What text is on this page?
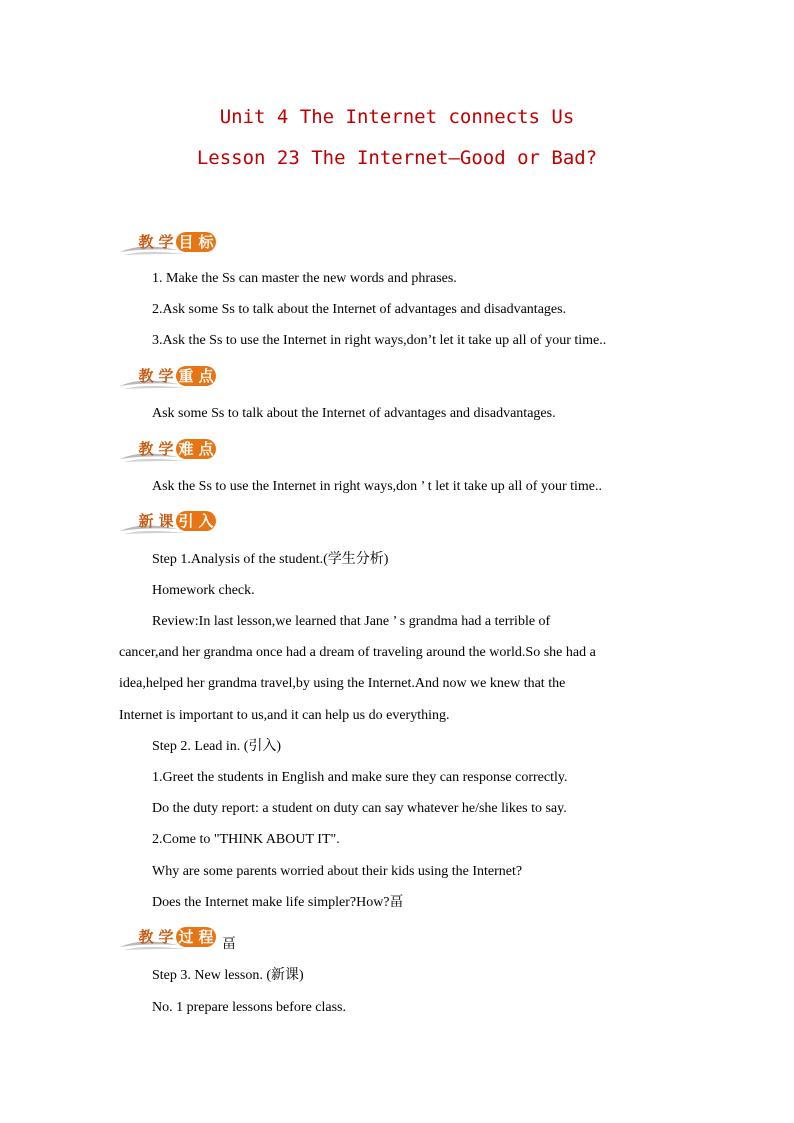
Unit 4 The Internet connects Us
Lesson 23 The Internet—Good or Bad?
教 学 目 标
1. Make the Ss can master the new words and phrases.
2.Ask some Ss to talk about the Internet of advantages and disadvantages.
3.Ask the Ss to use the Internet in right ways,don’t let it take up all of your time..
教 学 重 点
Ask some Ss to talk about the Internet of advantages and disadvantages.
教 学 难 点
Ask the Ss to use the Internet in right ways,don ’ t let it take up all of your time..
新 课 引 入
Step 1.Analysis of the student.(学生分析)
Homework check.
Review:In last lesson,we learned that Jane ’ s grandma had a terrible of
cancer,and her grandma once had a dream of traveling around the world.So she had a
idea,helped her grandma travel,by using the Internet.And now we knew that the
Internet is important to us,and it can help us do everything.
Step 2. Lead in. (引入)
1.Greet the students in English and make sure they can response correctly.
Do the duty report: a student on duty can say whatever he/she likes to say.
2.Come to "THINK ABOUT IT".
Why are some parents worried about their kids using the Internet?
Does the Internet make life simpler?How?畐
教 学 过 程 畐
Step 3. New lesson. (新课)
No. 1 prepare lessons before class.
